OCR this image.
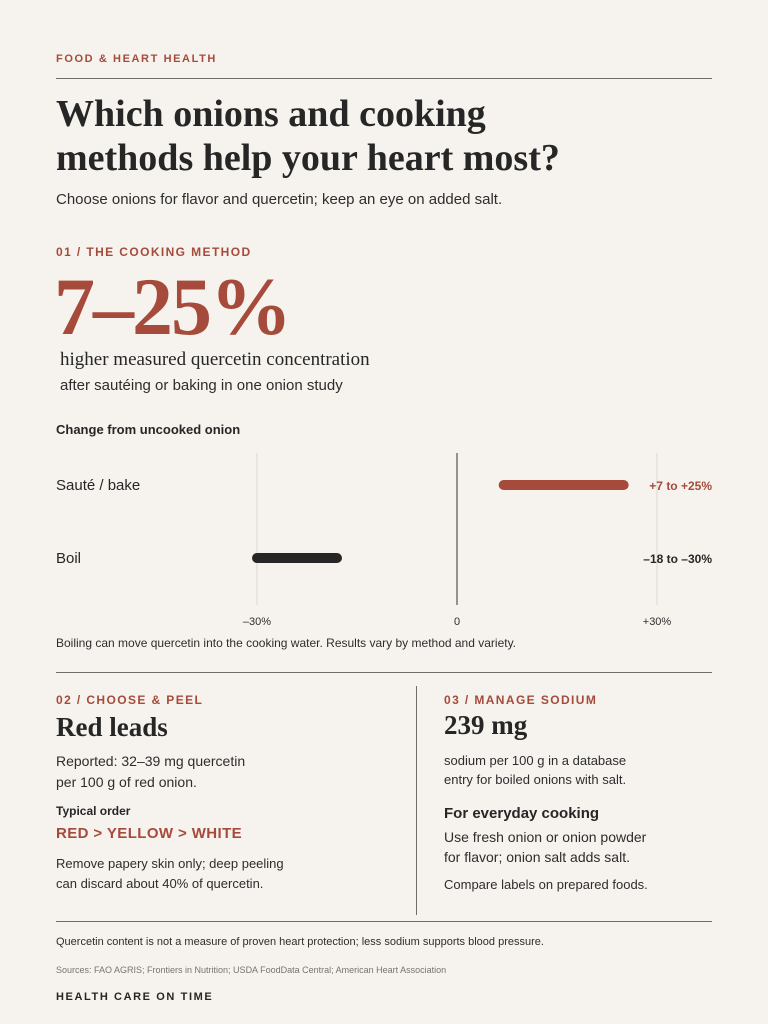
FOOD & HEART HEALTH
Which onions and cooking
methods help your heart most?
Choose onions for flavor and quercetin; keep an eye on added salt.
01 / THE COOKING METHOD
7–25%
higher measured quercetin concentration
after sautéing or baking in one onion study
Change from uncooked onion
–30%	0	+30%
Sauté / bake	+7 to +25%
Boil	–18 to –30%
Boiling can move quercetin into the cooking water. Results vary by method and variety.
02 / CHOOSE & PEEL
Red leads
Reported: 32–39 mg quercetin
per 100 g of red onion.
Typical order
RED > YELLOW > WHITE
Remove papery skin only; deep peeling
can discard about 40% of quercetin.
03 / MANAGE SODIUM
239 mg
sodium per 100 g in a database
entry for boiled onions with salt.
For everyday cooking
Use fresh onion or onion powder
for flavor; onion salt adds salt.
Compare labels on prepared foods.
Quercetin content is not a measure of proven heart protection; less sodium supports blood pressure.
Sources: FAO AGRIS; Frontiers in Nutrition; USDA FoodData Central; American Heart Association
HEALTH CARE ON TIME
